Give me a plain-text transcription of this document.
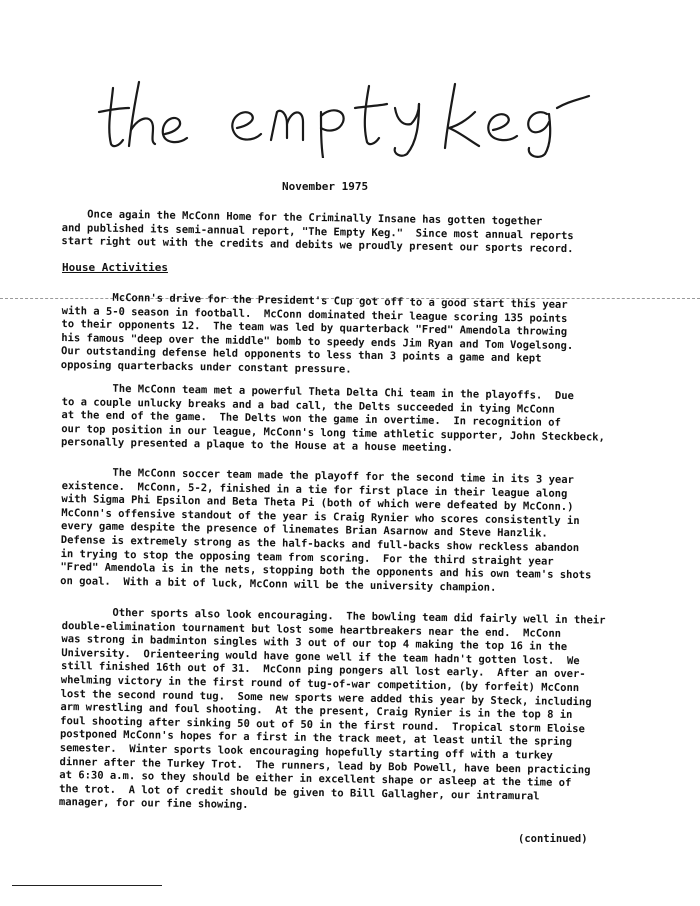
November 1975
Once again the McConn Home for the Criminally Insane has gotten together
and published its semi-annual report, "The Empty Keg."  Since most annual reports
start right out with the credits and debits we proudly present our sports record.
House Activities
McConn's drive for the President's Cup got off to a good start this year
with a 5-0 season in football.  McConn dominated their league scoring 135 points
to their opponents 12.  The team was led by quarterback "Fred" Amendola throwing
his famous "deep over the middle" bomb to speedy ends Jim Ryan and Tom Vogelsong.
Our outstanding defense held opponents to less than 3 points a game and kept
opposing quarterbacks under constant pressure.
The McConn team met a powerful Theta Delta Chi team in the playoffs.  Due
to a couple unlucky breaks and a bad call, the Delts succeeded in tying McConn
at the end of the game.  The Delts won the game in overtime.  In recognition of
our top position in our league, McConn's long time athletic supporter, John Steckbeck,
personally presented a plaque to the House at a house meeting.
The McConn soccer team made the playoff for the second time in its 3 year
existence.  McConn, 5-2, finished in a tie for first place in their league along
with Sigma Phi Epsilon and Beta Theta Pi (both of which were defeated by McConn.)
McConn's offensive standout of the year is Craig Rynier who scores consistently in
every game despite the presence of linemates Brian Asarnow and Steve Hanzlik.
Defense is extremely strong as the half-backs and full-backs show reckless abandon
in trying to stop the opposing team from scoring.  For the third straight year
"Fred" Amendola is in the nets, stopping both the opponents and his own team's shots
on goal.  With a bit of luck, McConn will be the university champion.
Other sports also look encouraging.  The bowling team did fairly well in their
double-elimination tournament but lost some heartbreakers near the end.  McConn
was strong in badminton singles with 3 out of our top 4 making the top 16 in the
University.  Orienteering would have gone well if the team hadn't gotten lost.  We
still finished 16th out of 31.  McConn ping pongers all lost early.  After an over-
whelming victory in the first round of tug-of-war competition, (by forfeit) McConn
lost the second round tug.  Some new sports were added this year by Steck, including
arm wrestling and foul shooting.  At the present, Craig Rynier is in the top 8 in
foul shooting after sinking 50 out of 50 in the first round.  Tropical storm Eloise
postponed McConn's hopes for a first in the track meet, at least until the spring
semester.  Winter sports look encouraging hopefully starting off with a turkey
dinner after the Turkey Trot.  The runners, lead by Bob Powell, have been practicing
at 6:30 a.m. so they should be either in excellent shape or asleep at the time of
the trot.  A lot of credit should be given to Bill Gallagher, our intramural
manager, for our fine showing.
(continued)
